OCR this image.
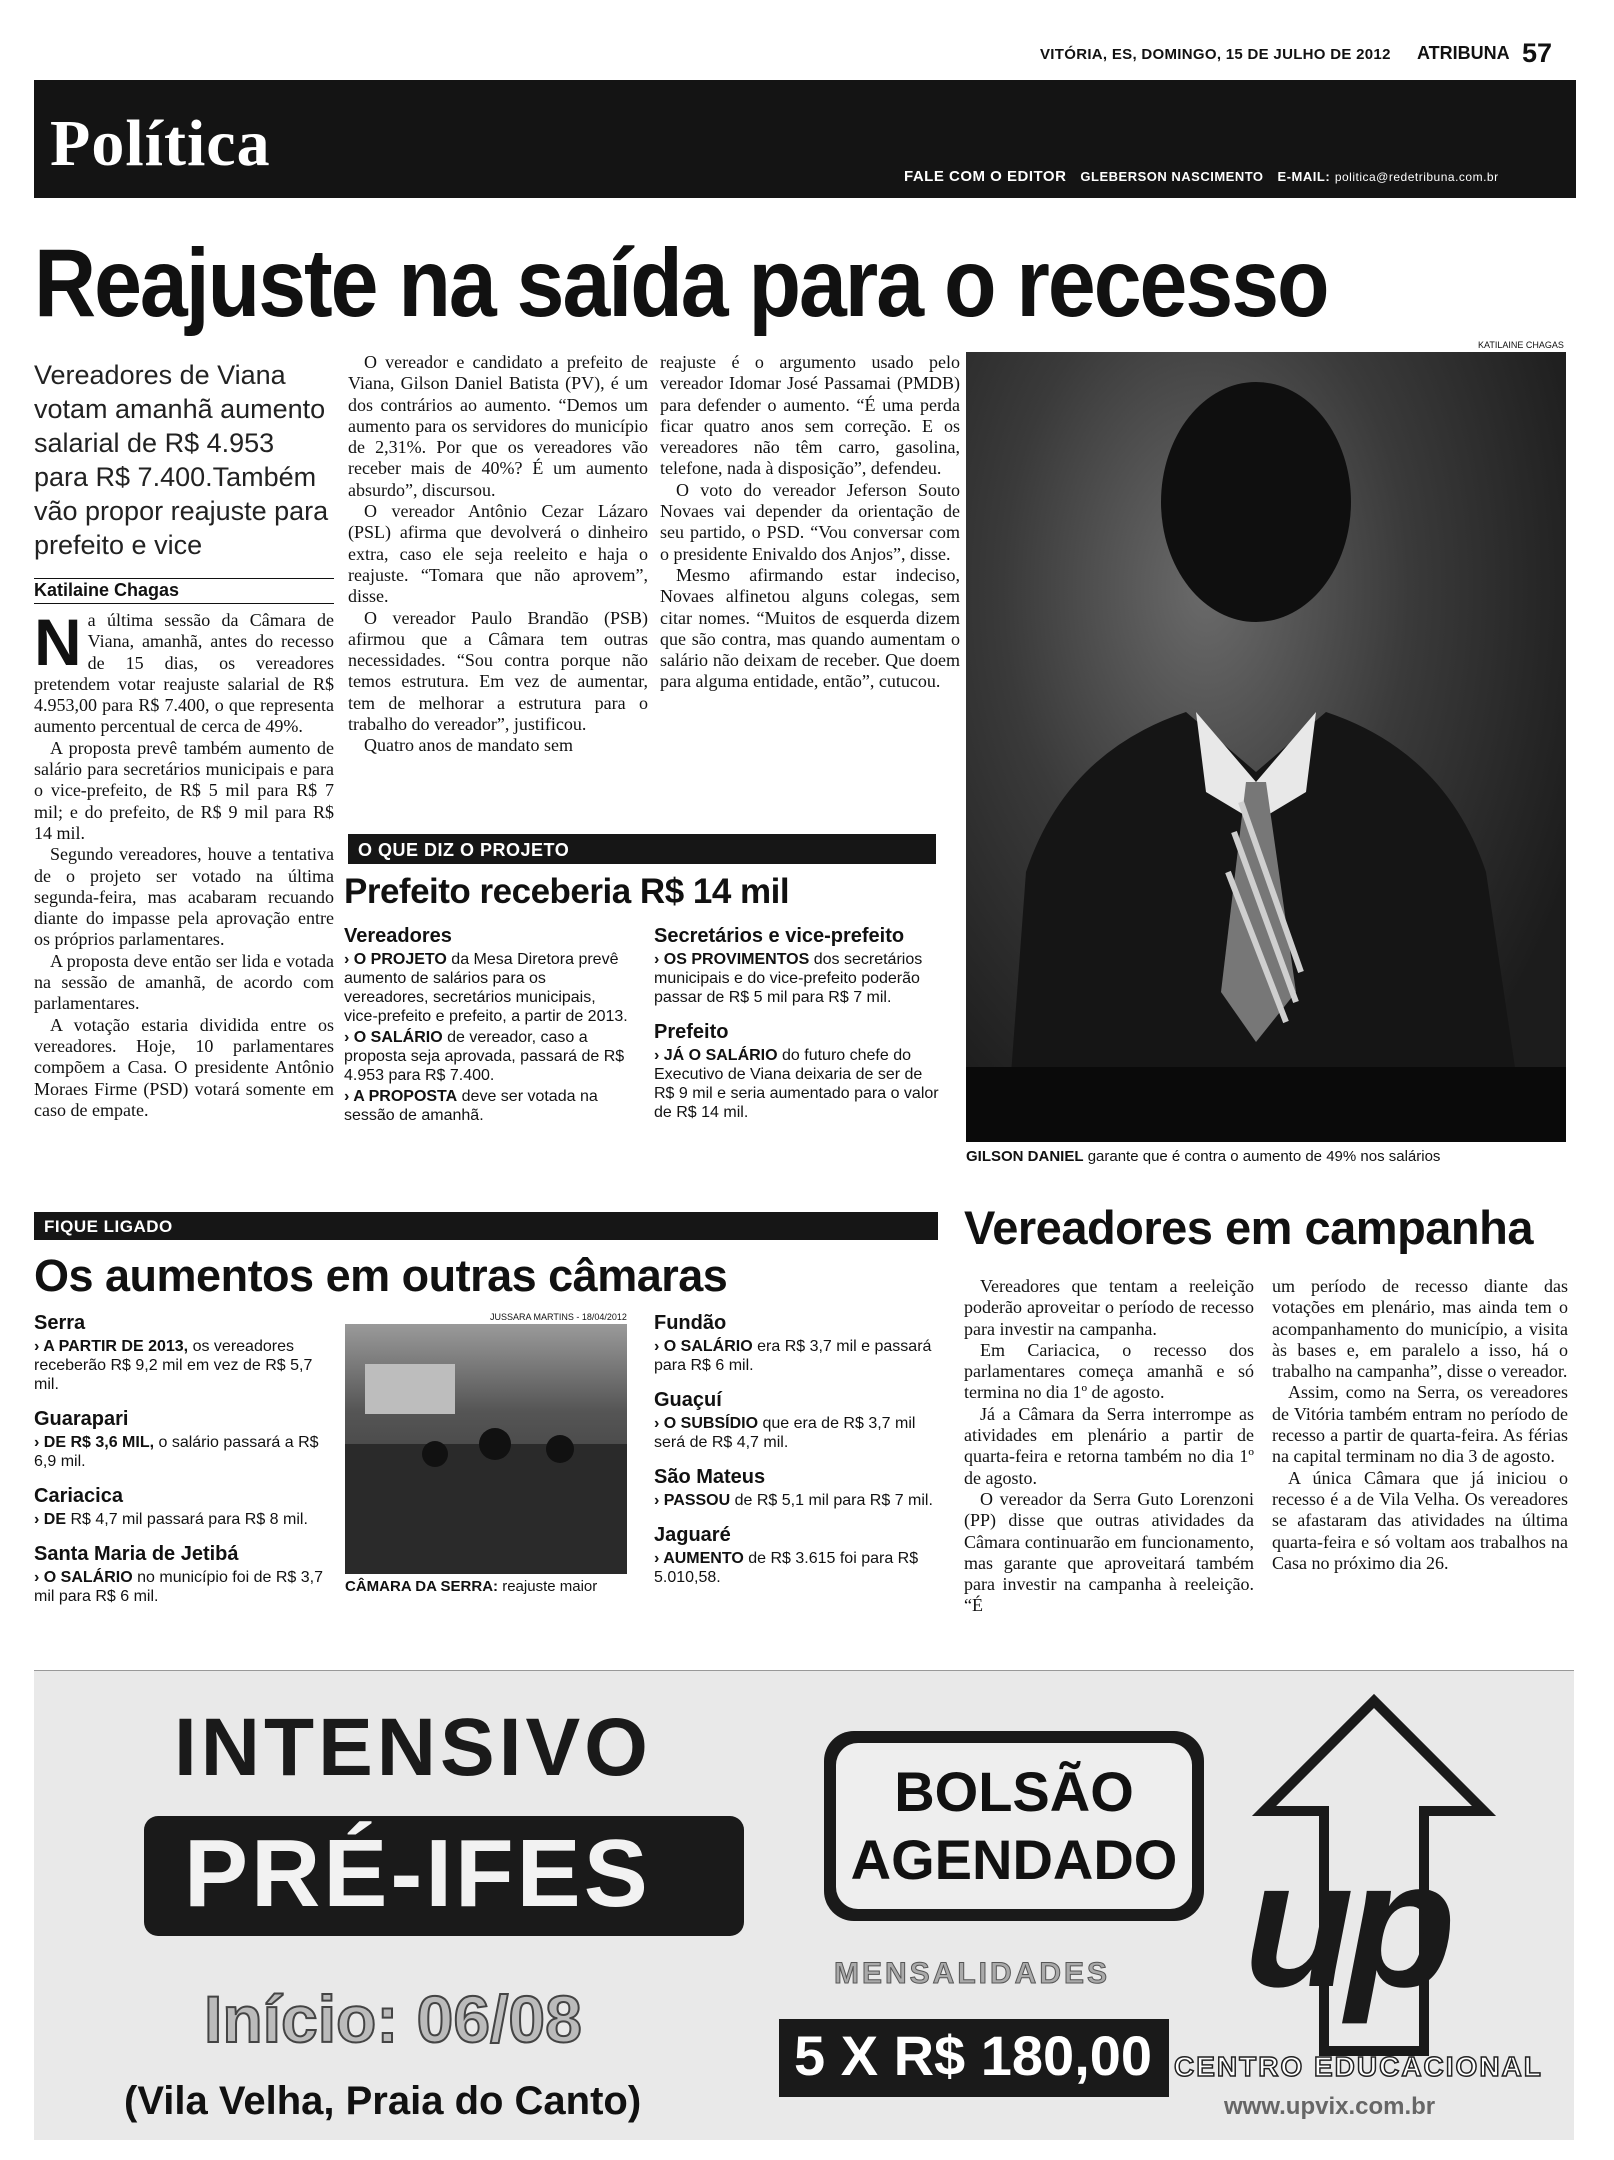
VITÓRIA, ES, DOMINGO, 15 DE JULHO DE 2012	ATRIBUNA 57
Política	FALE COM O EDITOR GLEBERSON NASCIMENTO E-MAIL: politica@redetribuna.com.br
Reajuste na saída para o recesso
Vereadores de Viana votam amanhã aumento salarial de R$ 4.953 para R$ 7.400.Também vão propor reajuste para prefeito e vice
Katilaine Chagas

N a última sessão da Câmara de Viana, amanhã, antes do recesso de 15 dias, os vereadores pretendem votar reajuste salarial de R$ 4.953,00 para R$ 7.400, o que representa aumento percentual de cerca de 49%.

A proposta prevê também aumento de salário para secretários municipais e para o vice-prefeito, de R$ 5 mil para R$ 7 mil; e do prefeito, de R$ 9 mil para R$ 14 mil.

Segundo vereadores, houve a tentativa de o projeto ser votado na última segunda-feira, mas acabaram recuando diante do impasse pela aprovação entre os próprios parlamentares.

A proposta deve então ser lida e votada na sessão de amanhã, de acordo com parlamentares.

A votação estaria dividida entre os vereadores. Hoje, 10 parlamentares compõem a Casa. O presidente Antônio Moraes Firme (PSD) votará somente em caso de empate.

O vereador e candidato a prefeito de Viana, Gilson Daniel Batista (PV), é um dos contrários ao aumento. “Demos um aumento para os servidores do município de 2,31%. Por que os vereadores vão receber mais de 40%? É um aumento absurdo”, discursou.

O vereador Antônio Cezar Lázaro (PSL) afirma que devolverá o dinheiro extra, caso ele seja reeleito e haja o reajuste. “Tomara que não aprovem”, disse.

O vereador Paulo Brandão (PSB) afirmou que a Câmara tem outras necessidades. “Sou contra porque não temos estrutura. Em vez de aumentar, tem de melhorar a estrutura para o trabalho do vereador”, justificou.

Quatro anos de mandato sem

reajuste é o argumento usado pelo vereador Idomar José Passamai (PMDB) para defender o aumento. “É uma perda ficar quatro anos sem correção. E os vereadores não têm carro, gasolina, telefone, nada à disposição”, defendeu.

O voto do vereador Jeferson Souto Novaes vai depender da orientação de seu partido, o PSD. “Vou conversar com o presidente Enivaldo dos Anjos”, disse.

Mesmo afirmando estar indeciso, Novaes alfinetou alguns colegas, sem citar nomes. “Muitos de esquerda dizem que são contra, mas quando aumentam o salário não deixam de receber. Que doem para alguma entidade, então”, cutucou.

KATILAINE CHAGAS
GILSON DANIEL garante que é contra o aumento de 49% nos salários
O QUE DIZ O PROJETO
Prefeito receberia R$ 14 mil
Vereadores
› O PROJETO da Mesa Diretora prevê aumento de salários para os vereadores, secretários municipais, vice-prefeito e prefeito, a partir de 2013.
› O SALÁRIO de vereador, caso a proposta seja aprovada, passará de R$ 4.953 para R$ 7.400.
› A PROPOSTA deve ser votada na sessão de amanhã.
Secretários e vice-prefeito
› OS PROVIMENTOS dos secretários municipais e do vice-prefeito poderão passar de R$ 5 mil para R$ 7 mil.
Prefeito
› JÁ O SALÁRIO do futuro chefe do Executivo de Viana deixaria de ser de R$ 9 mil e seria aumentado para o valor de R$ 14 mil.
FIQUE LIGADO
Os aumentos em outras câmaras
Serra
› A PARTIR DE 2013, os vereadores receberão R$ 9,2 mil em vez de R$ 5,7 mil.
Guarapari
› DE R$ 3,6 MIL, o salário passará a R$ 6,9 mil.
Cariacica
› DE R$ 4,7 mil passará para R$ 8 mil.
Santa Maria de Jetibá
› O SALÁRIO no município foi de R$ 3,7 mil para R$ 6 mil.
JUSSARA MARTINS - 18/04/2012
CÂMARA DA SERRA: reajuste maior
Fundão
› O SALÁRIO era R$ 3,7 mil e passará para R$ 6 mil.
Guaçuí
› O SUBSÍDIO que era de R$ 3,7 mil será de R$ 4,7 mil.
São Mateus
› PASSOU de R$ 5,1 mil para R$ 7 mil.
Jaguaré
› AUMENTO de R$ 3.615 foi para R$ 5.010,58.
Vereadores em campanha

Vereadores que tentam a reeleição poderão aproveitar o período de recesso para investir na campanha.

Em Cariacica, o recesso dos parlamentares começa amanhã e só termina no dia 1º de agosto.

Já a Câmara da Serra interrompe as atividades em plenário a partir de quarta-feira e retorna também no dia 1º de agosto.

O vereador da Serra Guto Lorenzoni (PP) disse que outras atividades da Câmara continuarão em funcionamento, mas garante que aproveitará também para investir na campanha à reeleição. “É

um período de recesso diante das votações em plenário, mas ainda tem o acompanhamento do município, a visita às bases e, em paralelo a isso, há o trabalho na campanha”, disse o vereador.

Assim, como na Serra, os vereadores de Vitória também entram no período de recesso a partir de quarta-feira. As férias na capital terminam no dia 3 de agosto.

A única Câmara que já iniciou o recesso é a de Vila Velha. Os vereadores se afastaram das atividades na última quarta-feira e só voltam aos trabalhos na Casa no próximo dia 26.

INTENSIVO
PRÉ-IFES
BOLSÃO
AGENDADO
Início: 06/08
(Vila Velha, Praia do Canto)
MENSALIDADES
5 X R$ 180,00
up
CENTRO EDUCACIONAL
www.upvix.com.br
